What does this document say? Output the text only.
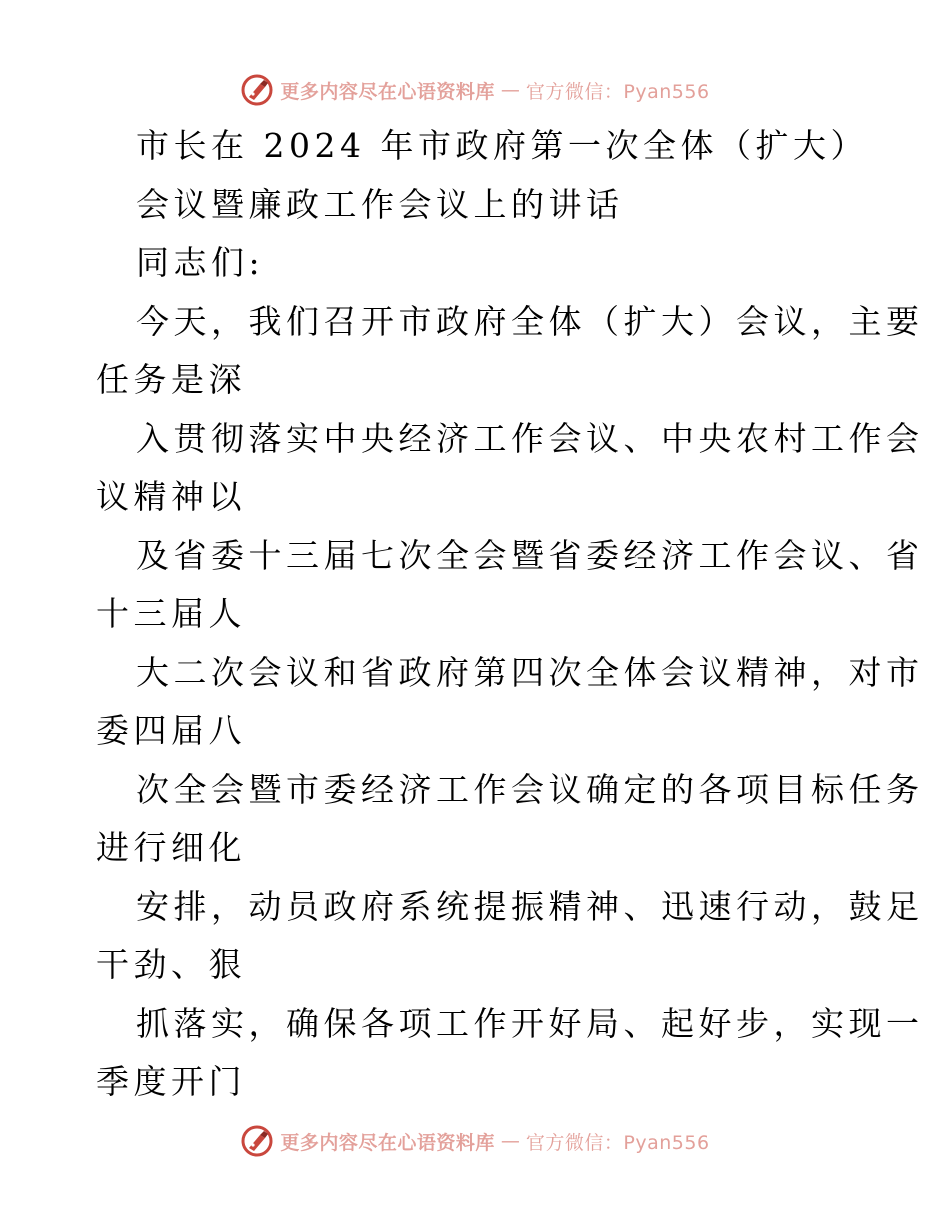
更多内容尽在心语资料库 — 官方微信：Pyan556
市长在 2024 年市政府第一次全体（扩大）
会议暨廉政工作会议上的讲话
同志们:
今天，我们召开市政府全体（扩大）会议，主要
任务是深
入贯彻落实中央经济工作会议、中央农村工作会
议精神以
及省委十三届七次全会暨省委经济工作会议、省
十三届人
大二次会议和省政府第四次全体会议精神，对市
委四届八
次全会暨市委经济工作会议确定的各项目标任务
进行细化
安排，动员政府系统提振精神、迅速行动，鼓足
干劲、狠
抓落实，确保各项工作开好局、起好步，实现一
季度开门
更多内容尽在心语资料库 — 官方微信：Pyan556
